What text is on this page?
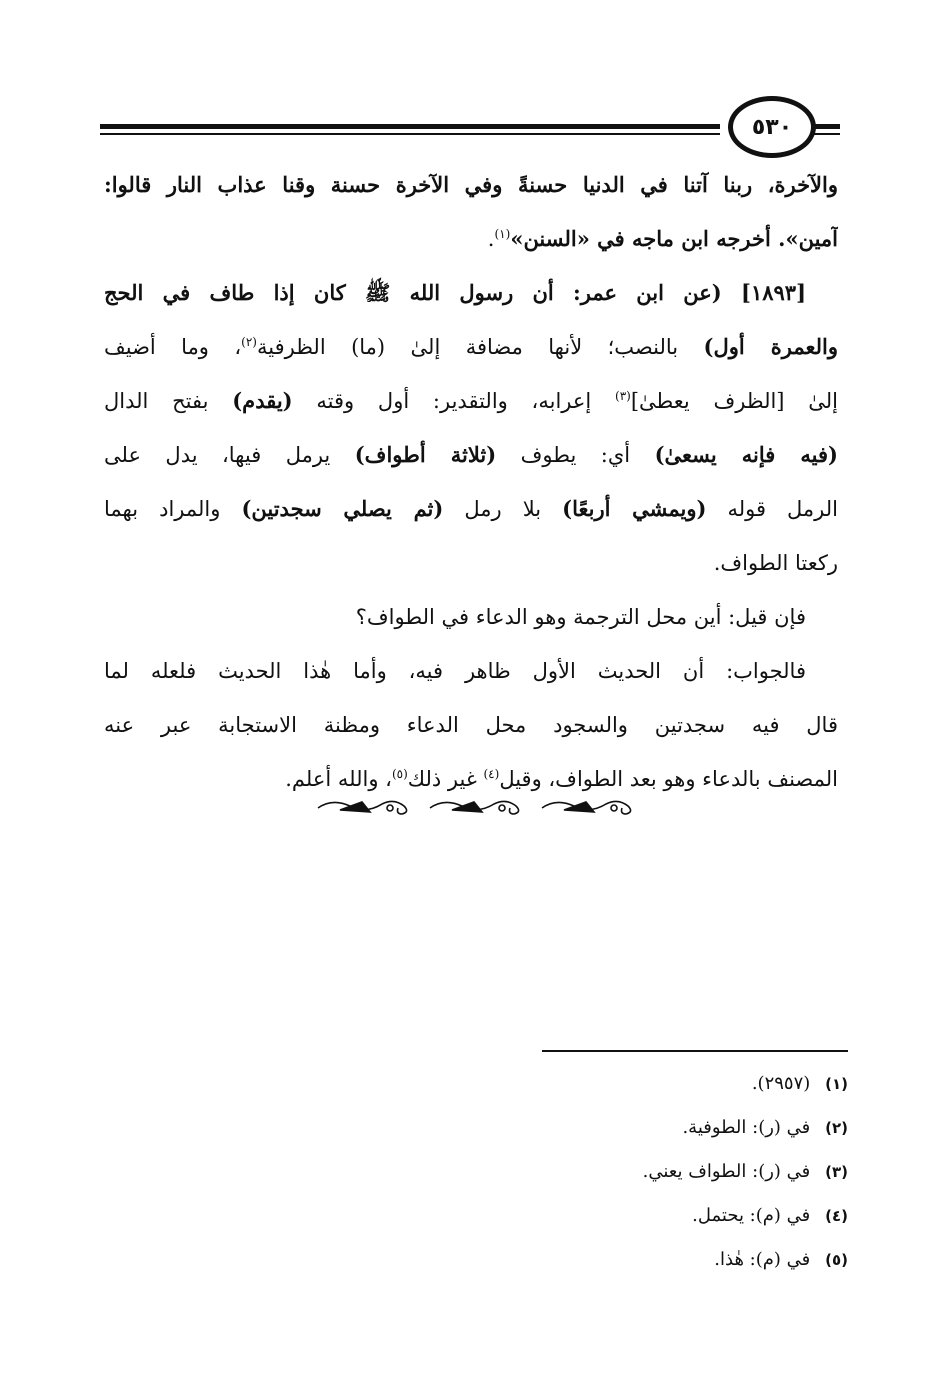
٥٣٠
والآخرة، ربنا آتنا في الدنيا حسنةً وفي الآخرة حسنة وقنا عذاب النار قالوا:
آمين». أخرجه ابن ماجه في «السنن»$^{(١)}$.
[١٨٩٣] (عن ابن عمر: أن رسول الله ﷺ كان إذا طاف في الحج
والعمرة أول) بالنصب؛ لأنها مضافة إلىٰ (ما) الظرفية$^{(٢)}$، وما أضيف
إلىٰ [الظرف يعطىٰ]$^{(٣)}$ إعرابه، والتقدير: أول وقته (يقدم) بفتح الدال
(فيه فإنه يسعىٰ) أي: يطوف (ثلاثة أطواف) يرمل فيها، يدل على
الرمل قوله (ويمشي أربعًا) بلا رمل (ثم يصلي سجدتين) والمراد بهما
ركعتا الطواف.
فإن قيل: أين محل الترجمة وهو الدعاء في الطواف؟
فالجواب: أن الحديث الأول ظاهر فيه، وأما هٰذا الحديث فلعله لما
قال فيه سجدتين والسجود محل الدعاء ومظنة الاستجابة عبر عنه
المصنف بالدعاء وهو بعد الطواف، وقيل$^{(٤)}$ غير ذلك$^{(٥)}$، والله أعلم.
(١) (٢٩٥٧).
(٢) في (ر): الطوفية.
(٣) في (ر): الطواف يعني.
(٤) في (م): يحتمل.
(٥) في (م): هٰذا.
